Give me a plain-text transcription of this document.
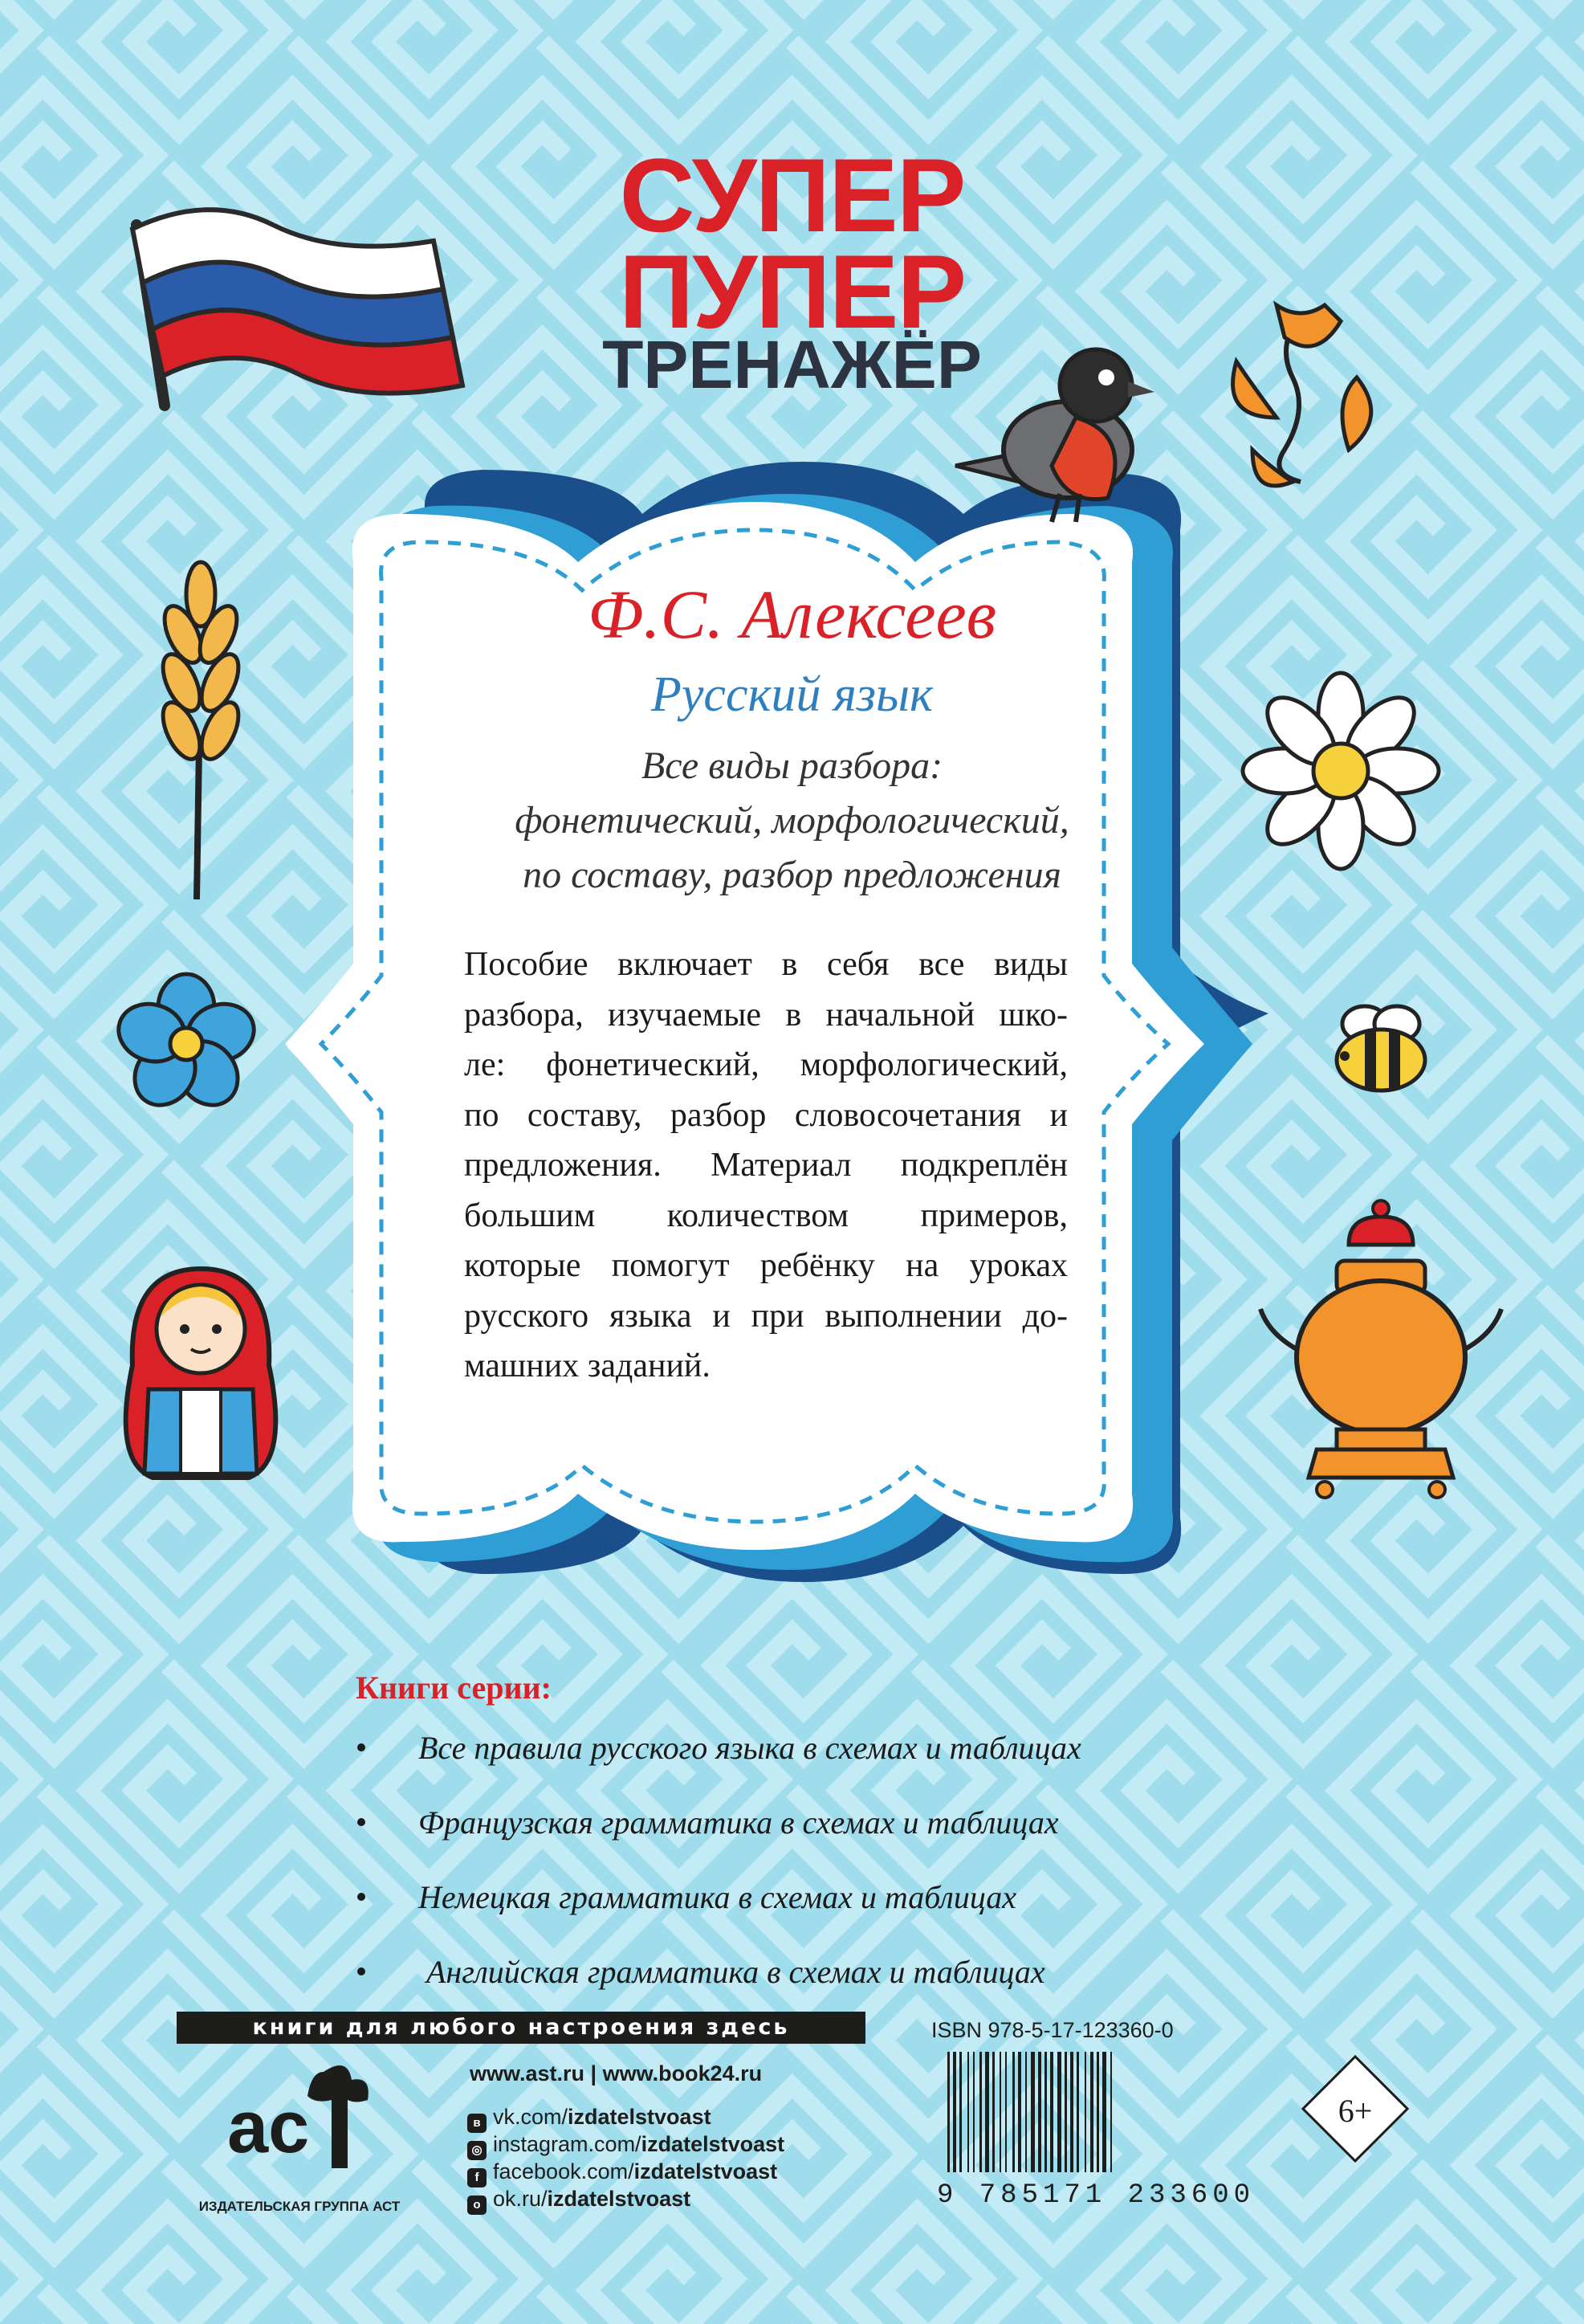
ас
СУПЕР
ПУПЕР
ТРЕНАЖЁР
Ф.С. Алексеев
Русский язык
Все виды разбора:
фонетический, морфологический,
по составу, разбор предложения
Пособие включает в себя все виды
разбора, изучаемые в начальной шко-
ле: фонетический, морфологический,
по составу, разбор словосочетания и
предложения. Материал подкреплён
большим количеством примеров,
которые помогут ребёнку на уроках
русского языка и при выполнении до-
машних заданий.
Книги серии:
Все правила русского языка в схемах и таблицах
Французская грамматика в схемах и таблицах
Немецкая грамматика в схемах и таблицах
Английская грамматика в схемах и таблицах
книги для любого настроения здесь
www.ast.ru | www.book24.ru
в vk.com/izdatelstvoast
◎ instagram.com/izdatelstvoast
f facebook.com/izdatelstvoast
о ok.ru/izdatelstvoast
ИЗДАТЕЛЬСКАЯ ГРУППА АСТ
ISBN 978-5-17-123360-0
9 785171 233600
6+
